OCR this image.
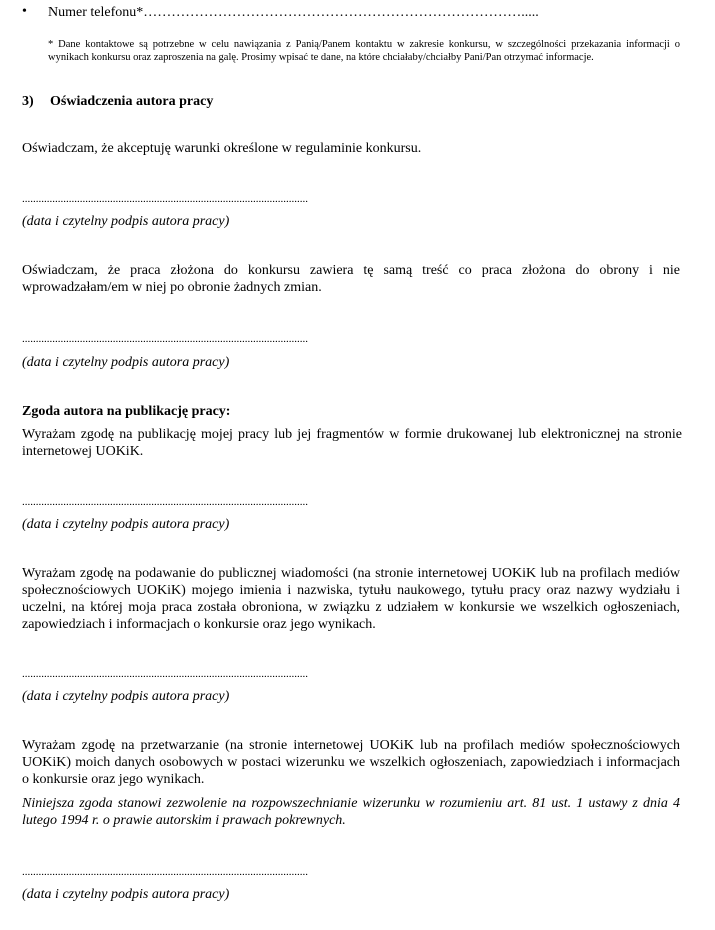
• Numer telefonu*……………………………………………………………………….....
* Dane kontaktowe są potrzebne w celu nawiązania z Panią/Panem kontaktu w zakresie konkursu, w szczególności przekazania informacji o wynikach konkursu oraz zaproszenia na galę. Prosimy wpisać te dane, na które chciałaby/chciałby Pani/Pan otrzymać informacje.
3) Oświadczenia autora pracy
Oświadczam, że akceptuję warunki określone w regulaminie konkursu.
........................................................................................................
(data i czytelny podpis autora pracy)
Oświadczam, że praca złożona do konkursu zawiera tę samą treść co praca złożona do obrony i nie wprowadzałam/em w niej po obronie żadnych zmian.
........................................................................................................
(data i czytelny podpis autora pracy)
Zgoda autora na publikację pracy:
Wyrażam zgodę na publikację mojej pracy lub jej fragmentów w formie drukowanej lub elektronicznej na stronie internetowej UOKiK.
........................................................................................................
(data i czytelny podpis autora pracy)
Wyrażam zgodę na podawanie do publicznej wiadomości (na stronie internetowej UOKiK lub na profilach mediów społecznościowych UOKiK) mojego imienia i nazwiska, tytułu naukowego, tytułu pracy oraz nazwy wydziału i uczelni, na której moja praca została obroniona, w związku z udziałem w konkursie we wszelkich ogłoszeniach, zapowiedziach i informacjach o konkursie oraz jego wynikach.
........................................................................................................
(data i czytelny podpis autora pracy)
Wyrażam zgodę na przetwarzanie (na stronie internetowej UOKiK lub na profilach mediów społecznościowych UOKiK) moich danych osobowych w postaci wizerunku we wszelkich ogłoszeniach, zapowiedziach i informacjach o konkursie oraz jego wynikach.
Niniejsza zgoda stanowi zezwolenie na rozpowszechnianie wizerunku w rozumieniu art. 81 ust. 1 ustawy z dnia 4 lutego 1994 r. o prawie autorskim i prawach pokrewnych.
........................................................................................................
(data i czytelny podpis autora pracy)
